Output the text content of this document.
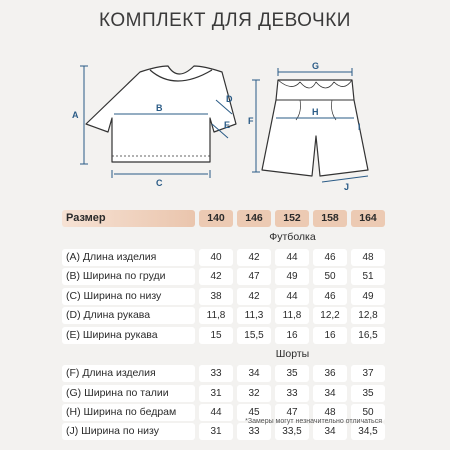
КОМПЛЕКТ ДЛЯ ДЕВОЧКИ
A
B
C
D
E F
G
H
I
J
Размер	140	146	152	158	164
Футболка
(A) Длина изделия	40	42	44	46	48
(B) Ширина по груди	42	47	49	50	51
(C) Ширина по низу	38	42	44	46	49
(D) Длина рукава	11,8	11,3	11,8	12,2	12,8
(E) Ширина рукава	15	15,5	16	16	16,5
Шорты
(F) Длина изделия	33	34	35	36	37
(G) Ширина по талии	31	32	33	34	35
(H) Ширина по бедрам	44	45	47	48	50
(J) Ширина по низу	31	33	33,5	34	34,5
*Замеры могут незначительно отличаться
